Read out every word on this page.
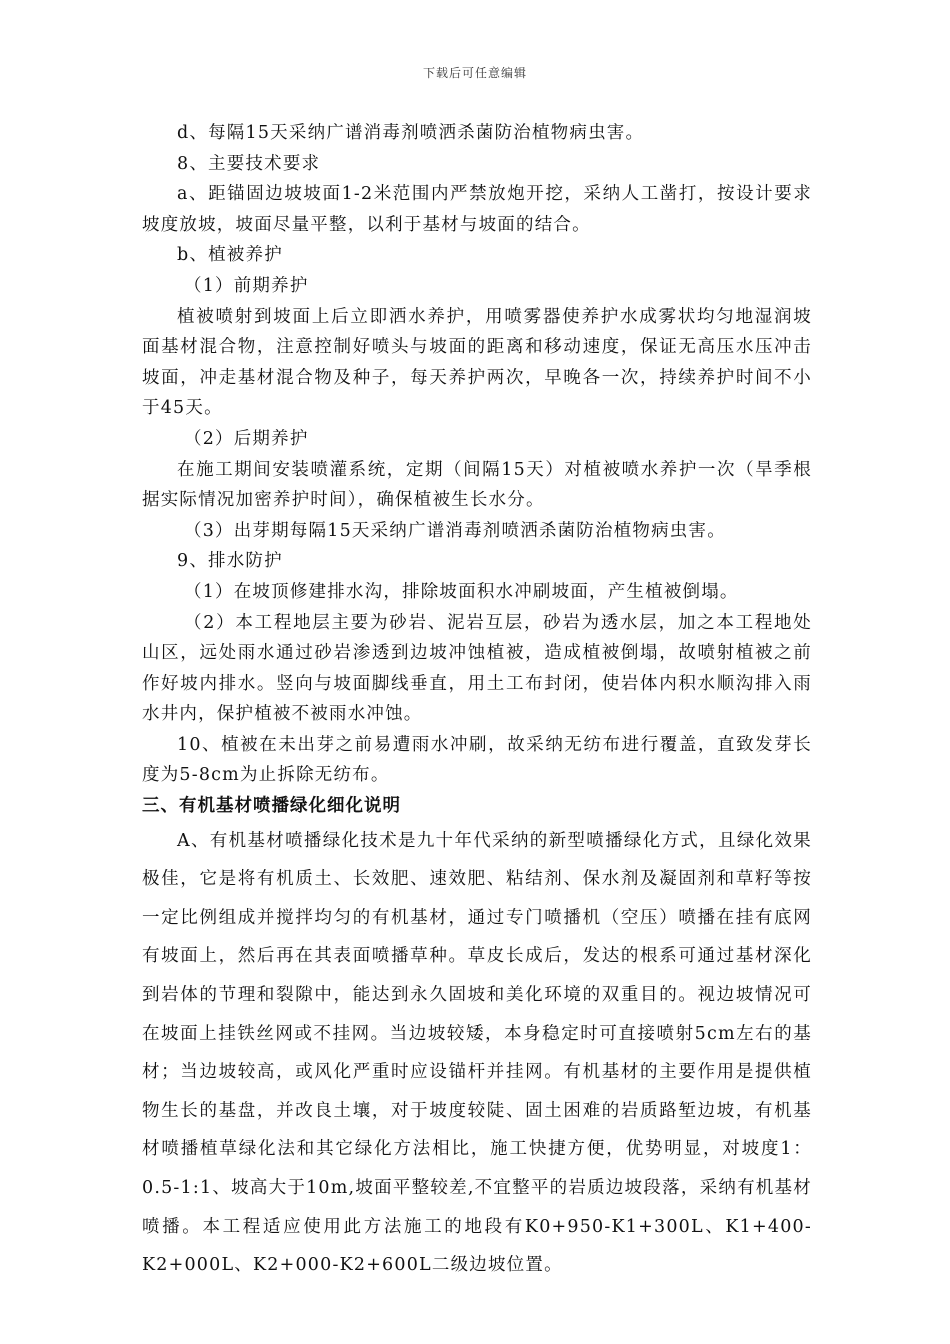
下载后可任意编辑

d、每隔15天采纳广谱消毒剂喷洒杀菌防治植物病虫害。

8、主要技术要求

a、距锚固边坡坡面1-2米范围内严禁放炮开挖，采纳人工凿打，按设计要求坡度放坡，坡面尽量平整，以利于基材与坡面的结合。

b、植被养护

（1）前期养护

植被喷射到坡面上后立即洒水养护，用喷雾器使养护水成雾状均匀地湿润坡面基材混合物，注意控制好喷头与坡面的距离和移动速度，保证无高压水压冲击坡面，冲走基材混合物及种子，每天养护两次，早晚各一次，持续养护时间不小于45天。

（2）后期养护

在施工期间安装喷灌系统，定期（间隔15天）对植被喷水养护一次（旱季根据实际情况加密养护时间），确保植被生长水分。

（3）出芽期每隔15天采纳广谱消毒剂喷洒杀菌防治植物病虫害。

9、排水防护

（1）在坡顶修建排水沟，排除坡面积水冲刷坡面，产生植被倒塌。

（2）本工程地层主要为砂岩、泥岩互层，砂岩为透水层，加之本工程地处山区，远处雨水通过砂岩渗透到边坡冲蚀植被，造成植被倒塌，故喷射植被之前作好坡内排水。竖向与坡面脚线垂直，用土工布封闭，使岩体内积水顺沟排入雨水井内，保护植被不被雨水冲蚀。

10、植被在未出芽之前易遭雨水冲刷，故采纳无纺布进行覆盖，直致发芽长度为5-8cm为止拆除无纺布。

三、有机基材喷播绿化细化说明

A、有机基材喷播绿化技术是九十年代采纳的新型喷播绿化方式，且绿化效果极佳，它是将有机质土、长效肥、速效肥、粘结剂、保水剂及凝固剂和草籽等按一定比例组成并搅拌均匀的有机基材，通过专门喷播机（空压）喷播在挂有底网有坡面上，然后再在其表面喷播草种。草皮长成后，发达的根系可通过基材深化到岩体的节理和裂隙中，能达到永久固坡和美化环境的双重目的。视边坡情况可在坡面上挂铁丝网或不挂网。当边坡较矮，本身稳定时可直接喷射5cm左右的基材；当边坡较高，或风化严重时应设锚杆并挂网。有机基材的主要作用是提供植物生长的基盘，并改良土壤，对于坡度较陡、固土困难的岩质路堑边坡，有机基材喷播植草绿化法和其它绿化方法相比，施工快捷方便，优势明显，对坡度1：0.5-1:1、坡高大于10m,坡面平整较差,不宜整平的岩质边坡段落，采纳有机基材喷播。本工程适应使用此方法施工的地段有K0+950-K1+300L、K1+400-K2+000L、K2+000-K2+600L二级边坡位置。
